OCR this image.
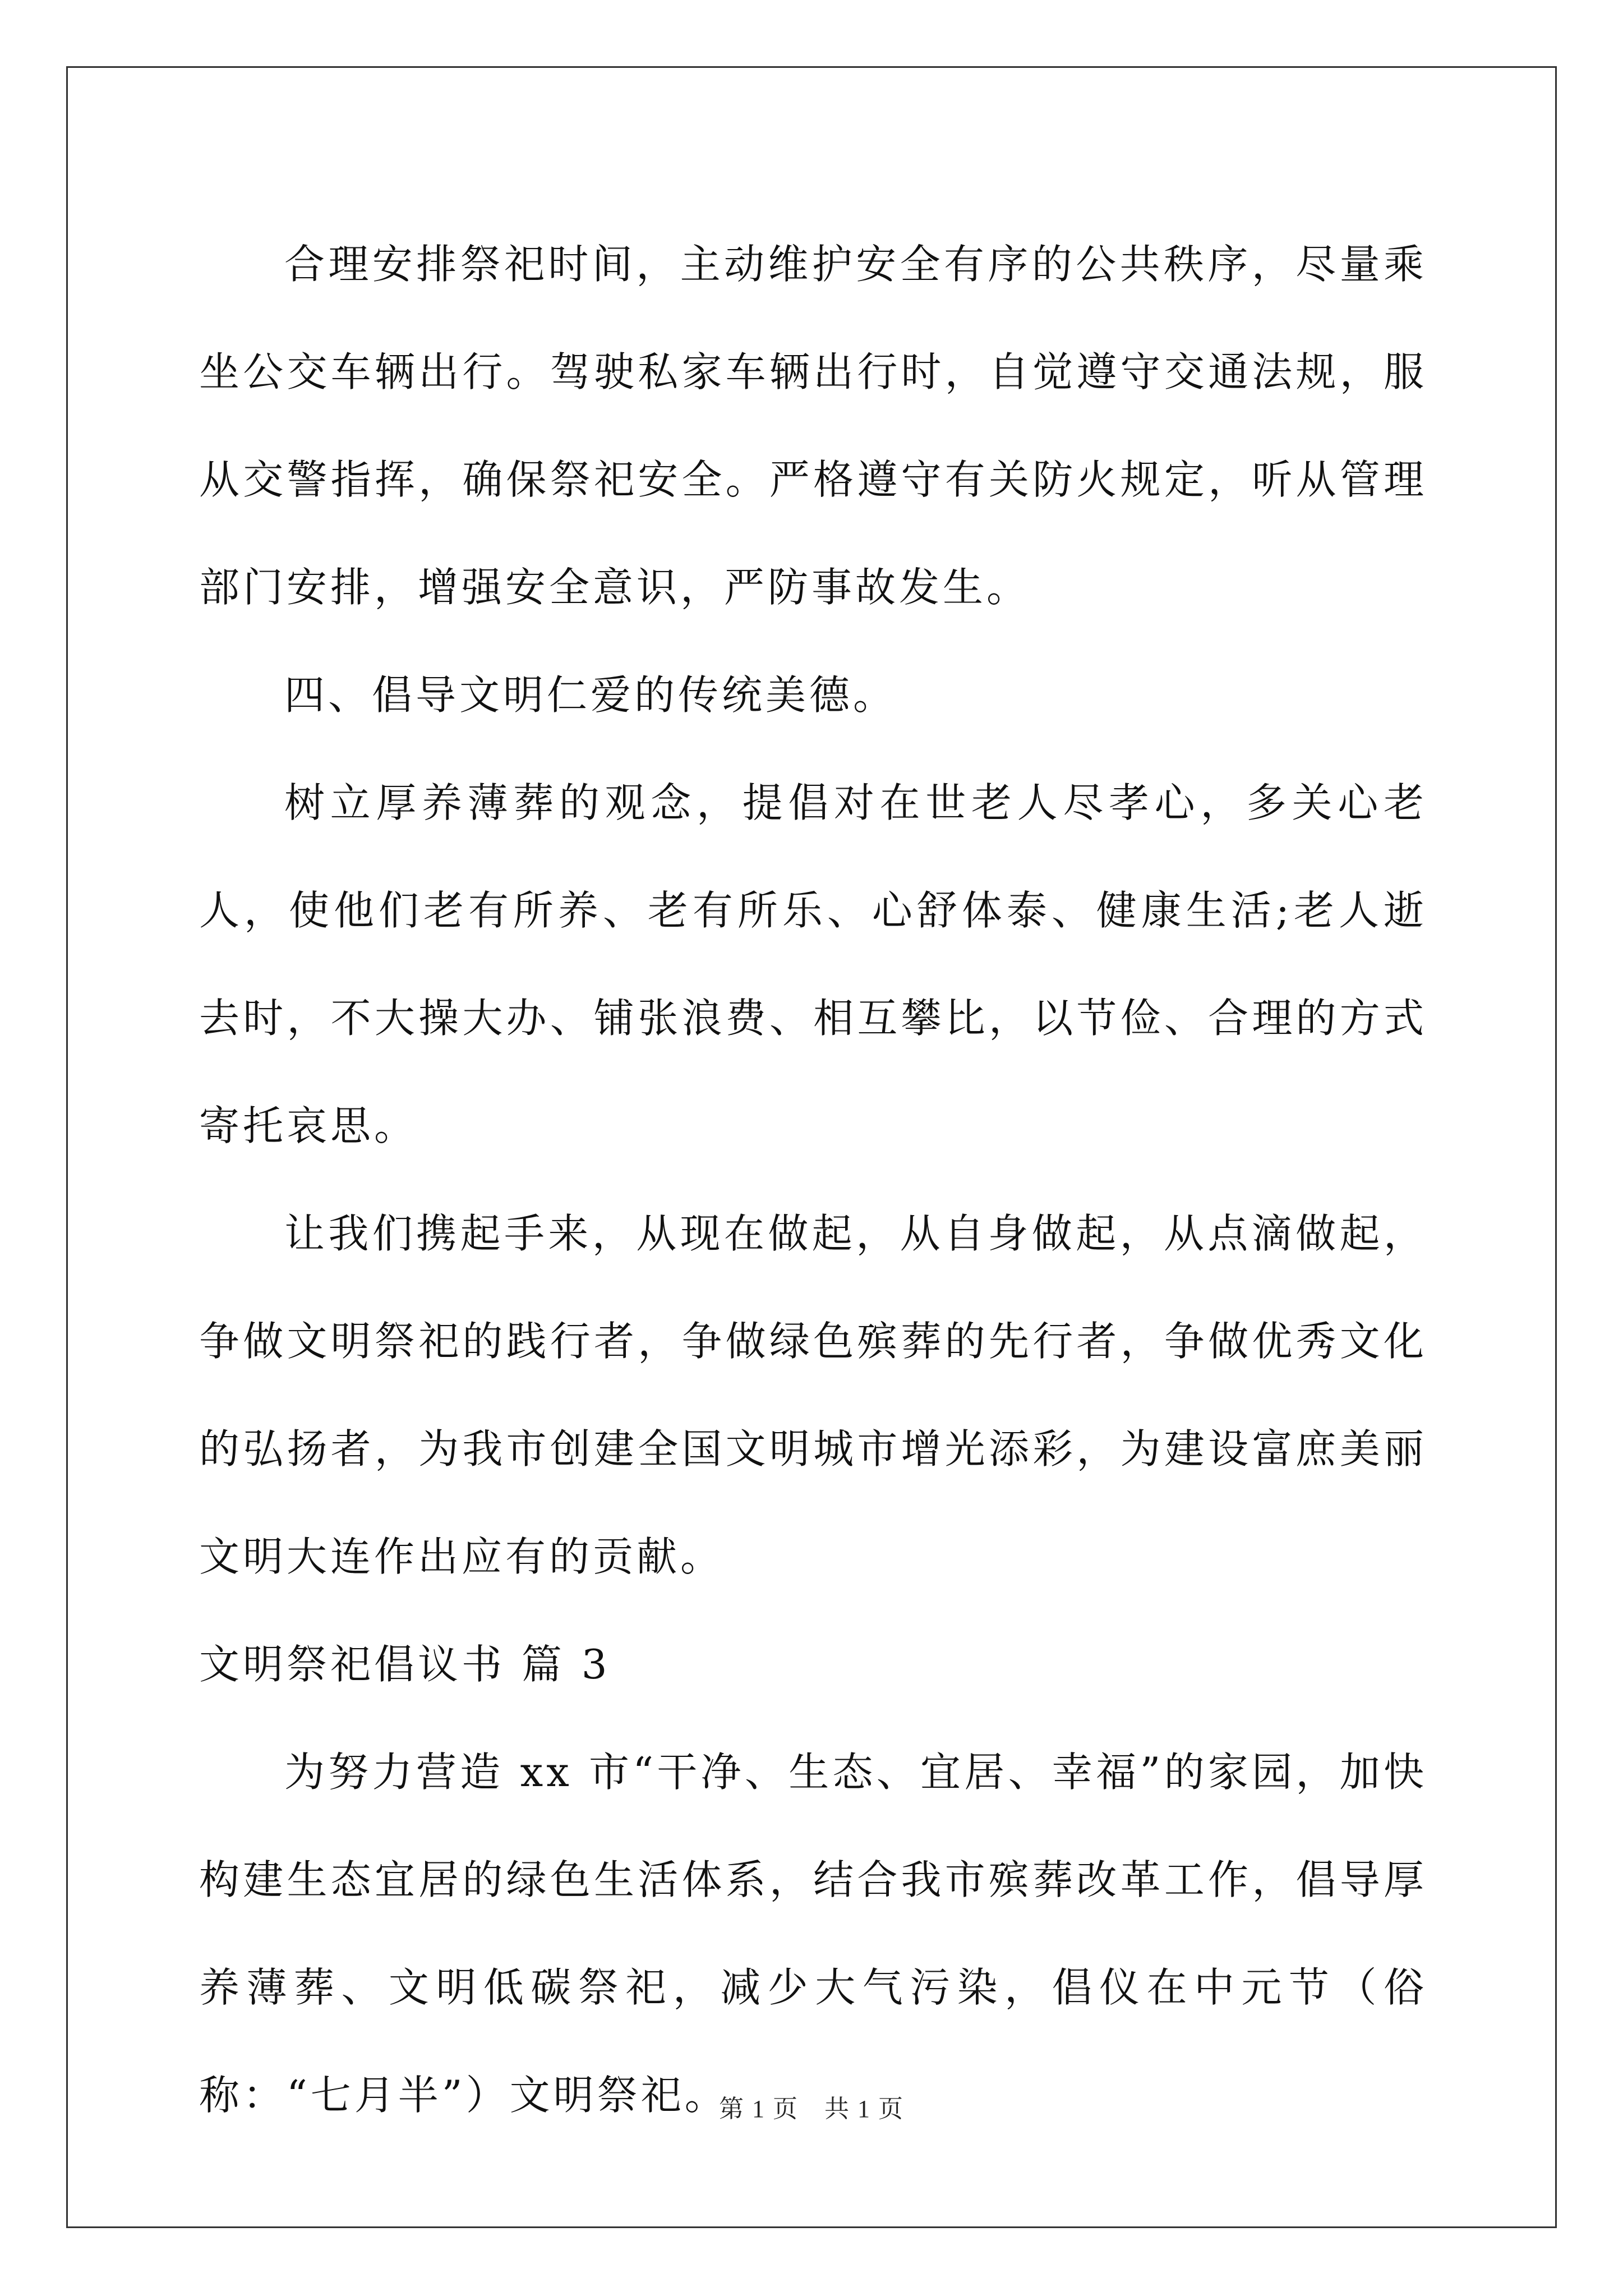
合理安排祭祀时间，主动维护安全有序的公共秩序，尽量乘坐公交车辆出行。驾驶私家车辆出行时，自觉遵守交通法规，服从交警指挥，确保祭祀安全。严格遵守有关防火规定，听从管理部门安排，增强安全意识，严防事故发生。

四、倡导文明仁爱的传统美德。

树立厚养薄葬的观念，提倡对在世老人尽孝心，多关心老人，使他们老有所养、老有所乐、心舒体泰、健康生活;老人逝去时，不大操大办、铺张浪费、相互攀比，以节俭、合理的方式寄托哀思。

让我们携起手来，从现在做起，从自身做起，从点滴做起，争做文明祭祀的践行者，争做绿色殡葬的先行者，争做优秀文化的弘扬者，为我市创建全国文明城市增光添彩，为建设富庶美丽文明大连作出应有的贡献。

文明祭祀倡议书 篇 3

为努力营造 xx 市“干净、生态、宜居、幸福”的家园，加快构建生态宜居的绿色生活体系，结合我市殡葬改革工作，倡导厚养薄葬、文明低碳祭祀，减少大气污染，倡仪在中元节（俗称：“七月半”）文明祭祀。

第 1 页　共 1 页
